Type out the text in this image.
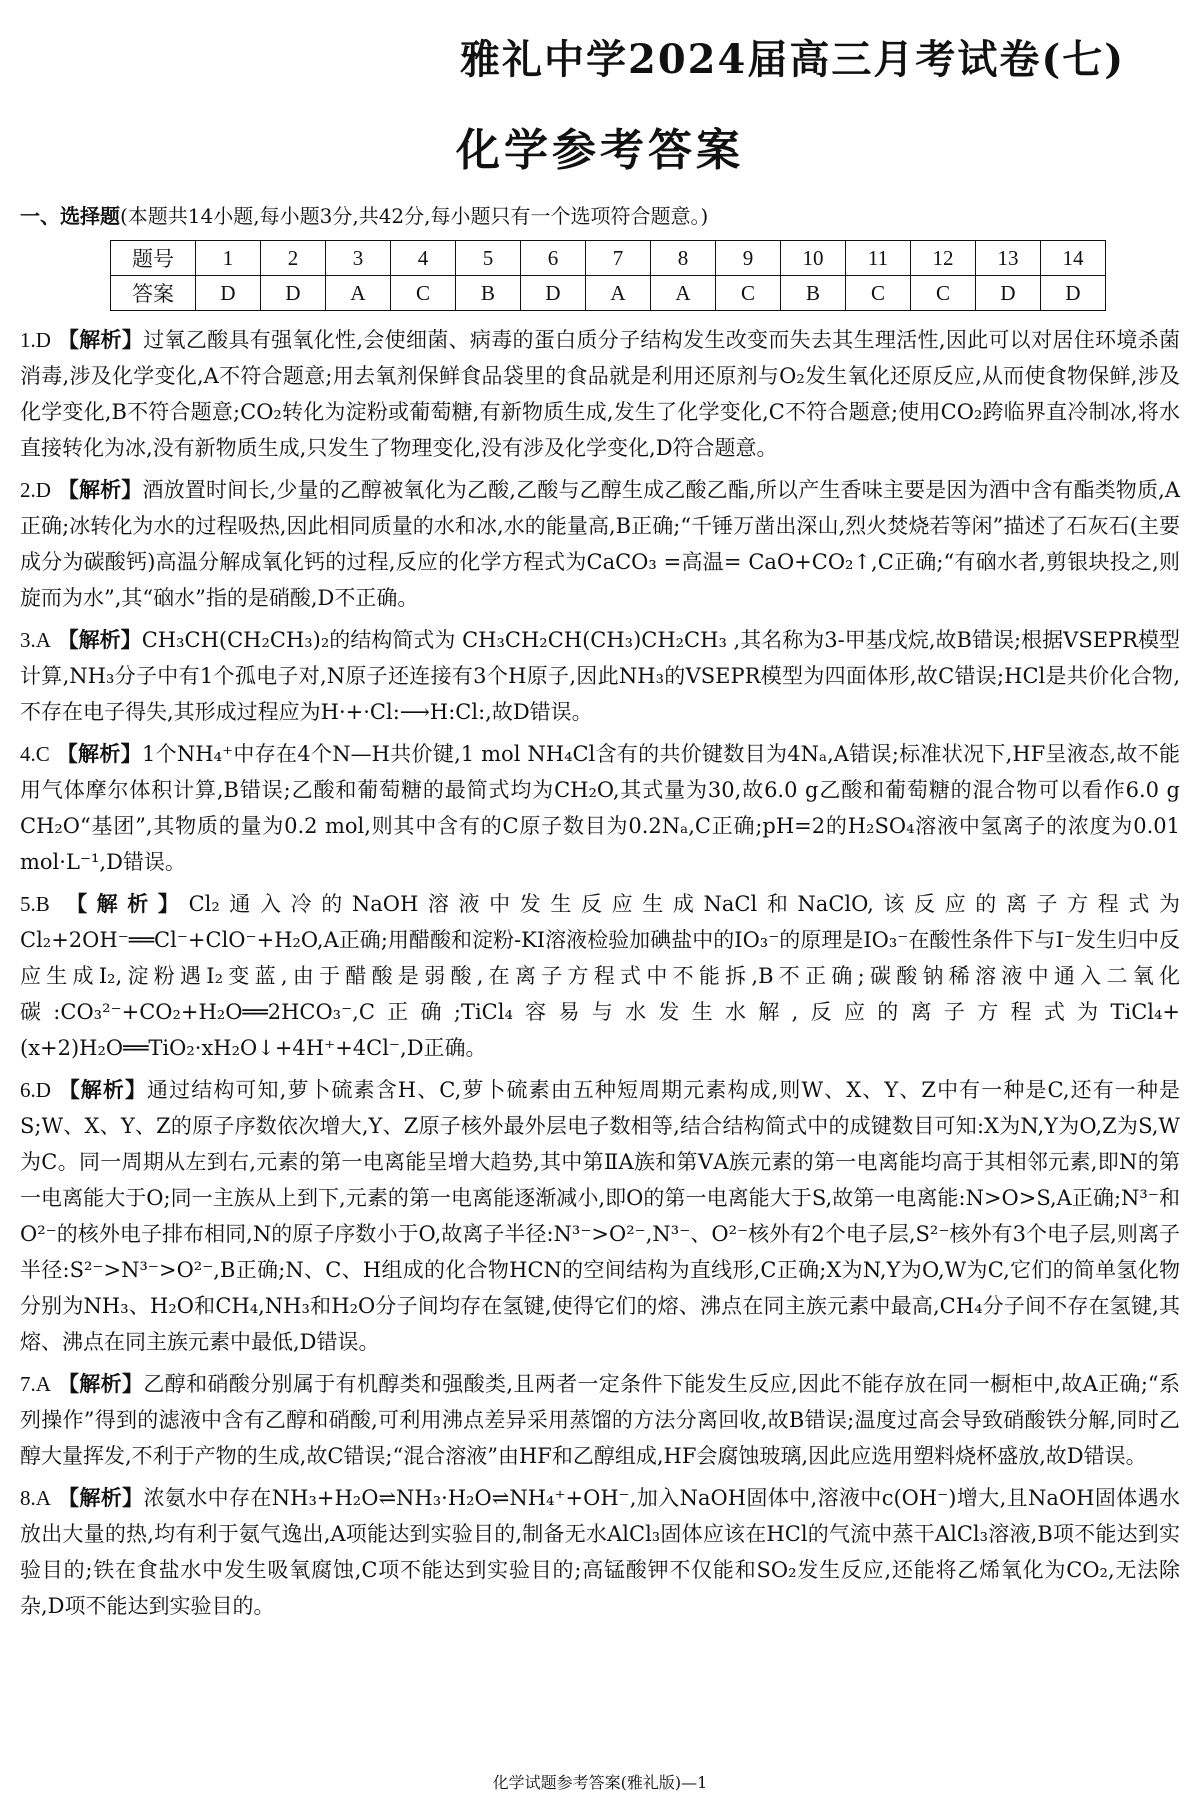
雅礼中学2024届高三月考试卷(七)
化学参考答案
一、选择题(本题共14小题,每小题3分,共42分,每小题只有一个选项符合题意。)
题号	1	2	3	4	5	6	7	8	9	10	11	12	13	14
答案	D	D	A	C	B	D	A	A	C	B	C	C	D	D

1.D 【解析】过氧乙酸具有强氧化性,会使细菌、病毒的蛋白质分子结构发生改变而失去其生理活性,因此可以对居住环境杀菌消毒,涉及化学变化,A不符合题意;用去氧剂保鲜食品袋里的食品就是利用还原剂与O₂发生氧化还原反应,从而使食物保鲜,涉及化学变化,B不符合题意;CO₂转化为淀粉或葡萄糖,有新物质生成,发生了化学变化,C不符合题意;使用CO₂跨临界直冷制冰,将水直接转化为冰,没有新物质生成,只发生了物理变化,没有涉及化学变化,D符合题意。

2.D 【解析】酒放置时间长,少量的乙醇被氧化为乙酸,乙酸与乙醇生成乙酸乙酯,所以产生香味主要是因为酒中含有酯类物质,A正确;冰转化为水的过程吸热,因此相同质量的水和冰,水的能量高,B正确;“千锤万凿出深山,烈火焚烧若等闲”描述了石灰石(主要成分为碳酸钙)高温分解成氧化钙的过程,反应的化学方程式为CaCO₃ =高温= CaO+CO₂↑,C正确;“有硇水者,剪银块投之,则旋而为水”,其“硇水”指的是硝酸,D不正确。

3.A 【解析】CH₃CH(CH₂CH₃)₂的结构简式为 CH₃CH₂CH(CH₃)CH₂CH₃ ,其名称为3-甲基戊烷,故B错误;根据VSEPR模型计算,NH₃分子中有1个孤电子对,N原子还连接有3个H原子,因此NH₃的VSEPR模型为四面体形,故C错误;HCl是共价化合物,不存在电子得失,其形成过程应为H·+·Cl:⟶H:Cl:,故D错误。

4.C 【解析】1个NH₄⁺中存在4个N—H共价键,1 mol NH₄Cl含有的共价键数目为4Nₐ,A错误;标准状况下,HF呈液态,故不能用气体摩尔体积计算,B错误;乙酸和葡萄糖的最简式均为CH₂O,其式量为30,故6.0 g乙酸和葡萄糖的混合物可以看作6.0 g CH₂O“基团”,其物质的量为0.2 mol,则其中含有的C原子数目为0.2Nₐ,C正确;pH=2的H₂SO₄溶液中氢离子的浓度为0.01 mol·L⁻¹,D错误。

5.B 【解析】Cl₂通入冷的NaOH溶液中发生反应生成NaCl和NaClO,该反应的离子方程式为Cl₂+2OH⁻══Cl⁻+ClO⁻+H₂O,A正确;用醋酸和淀粉-KI溶液检验加碘盐中的IO₃⁻的原理是IO₃⁻在酸性条件下与I⁻发生归中反应生成I₂,淀粉遇I₂变蓝,由于醋酸是弱酸,在离子方程式中不能拆,B不正确;碳酸钠稀溶液中通入二氧化碳:CO₃²⁻+CO₂+H₂O══2HCO₃⁻,C正确;TiCl₄容易与水发生水解,反应的离子方程式为TiCl₄+(x+2)H₂O══TiO₂·xH₂O↓+4H⁺+4Cl⁻,D正确。

6.D 【解析】通过结构可知,萝卜硫素含H、C,萝卜硫素由五种短周期元素构成,则W、X、Y、Z中有一种是C,还有一种是S;W、X、Y、Z的原子序数依次增大,Y、Z原子核外最外层电子数相等,结合结构简式中的成键数目可知:X为N,Y为O,Z为S,W为C。同一周期从左到右,元素的第一电离能呈增大趋势,其中第ⅡA族和第ⅤA族元素的第一电离能均高于其相邻元素,即N的第一电离能大于O;同一主族从上到下,元素的第一电离能逐渐减小,即O的第一电离能大于S,故第一电离能:N>O>S,A正确;N³⁻和O²⁻的核外电子排布相同,N的原子序数小于O,故离子半径:N³⁻>O²⁻,N³⁻、O²⁻核外有2个电子层,S²⁻核外有3个电子层,则离子半径:S²⁻>N³⁻>O²⁻,B正确;N、C、H组成的化合物HCN的空间结构为直线形,C正确;X为N,Y为O,W为C,它们的简单氢化物分别为NH₃、H₂O和CH₄,NH₃和H₂O分子间均存在氢键,使得它们的熔、沸点在同主族元素中最高,CH₄分子间不存在氢键,其熔、沸点在同主族元素中最低,D错误。

7.A 【解析】乙醇和硝酸分别属于有机醇类和强酸类,且两者一定条件下能发生反应,因此不能存放在同一橱柜中,故A正确;“系列操作”得到的滤液中含有乙醇和硝酸,可利用沸点差异采用蒸馏的方法分离回收,故B错误;温度过高会导致硝酸铁分解,同时乙醇大量挥发,不利于产物的生成,故C错误;“混合溶液”由HF和乙醇组成,HF会腐蚀玻璃,因此应选用塑料烧杯盛放,故D错误。

8.A 【解析】浓氨水中存在NH₃+H₂O⇌NH₃·H₂O⇌NH₄⁺+OH⁻,加入NaOH固体中,溶液中c(OH⁻)增大,且NaOH固体遇水放出大量的热,均有利于氨气逸出,A项能达到实验目的,制备无水AlCl₃固体应该在HCl的气流中蒸干AlCl₃溶液,B项不能达到实验目的;铁在食盐水中发生吸氧腐蚀,C项不能达到实验目的;高锰酸钾不仅能和SO₂发生反应,还能将乙烯氧化为CO₂,无法除杂,D项不能达到实验目的。

化学试题参考答案(雅礼版)—1
